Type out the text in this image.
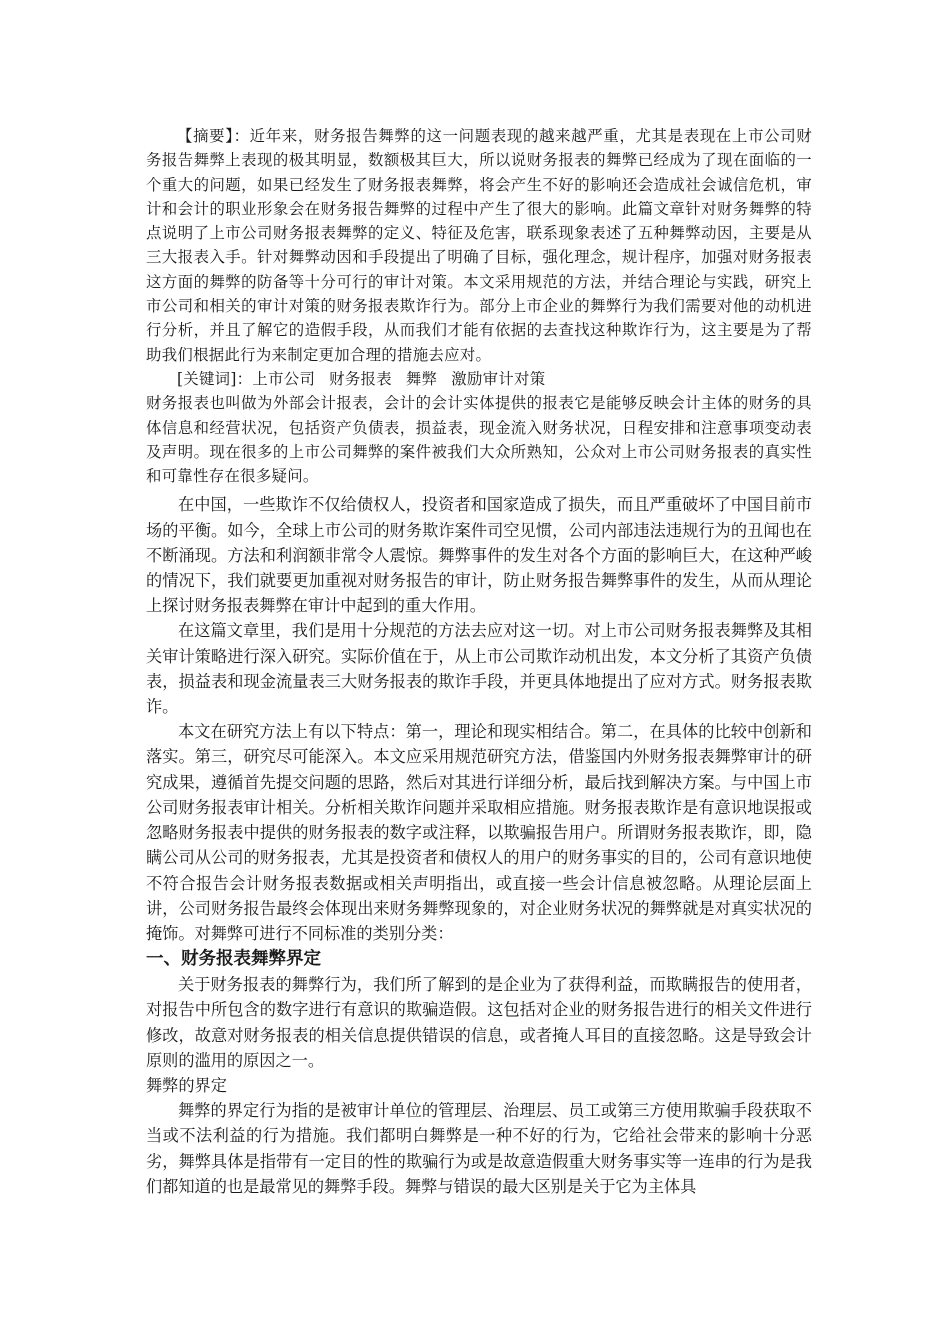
【摘要】：近年来，财务报告舞弊的这一问题表现的越来越严重，尤其是表现在上市公司财务报告舞弊上表现的极其明显，数额极其巨大，所以说财务报表的舞弊已经成为了现在面临的一个重大的问题，如果已经发生了财务报表舞弊，将会产生不好的影响还会造成社会诚信危机，审计和会计的职业形象会在财务报告舞弊的过程中产生了很大的影响。此篇文章针对财务舞弊的特点说明了上市公司财务报表舞弊的定义、特征及危害，联系现象表述了五种舞弊动因，主要是从三大报表入手。针对舞弊动因和手段提出了明确了目标，强化理念，规计程序，加强对财务报表这方面的舞弊的防备等十分可行的审计对策。本文采用规范的方法，并结合理论与实践，研究上市公司和相关的审计对策的财务报表欺诈行为。部分上市企业的舞弊行为我们需要对他的动机进行分析，并且了解它的造假手段，从而我们才能有依据的去查找这种欺诈行为，这主要是为了帮助我们根据此行为来制定更加合理的措施去应对。

[关键词]：上市公司 财务报表 舞弊 激励审计对策

财务报表也叫做为外部会计报表，会计的会计实体提供的报表它是能够反映会计主体的财务的具体信息和经营状况，包括资产负债表，损益表，现金流入财务状况，日程安排和注意事项变动表及声明。现在很多的上市公司舞弊的案件被我们大众所熟知，公众对上市公司财务报表的真实性和可靠性存在很多疑问。

在中国，一些欺诈不仅给债权人，投资者和国家造成了损失，而且严重破坏了中国目前市场的平衡。如今，全球上市公司的财务欺诈案件司空见惯，公司内部违法违规行为的丑闻也在不断涌现。方法和利润额非常令人震惊。舞弊事件的发生对各个方面的影响巨大，在这种严峻的情况下，我们就要更加重视对财务报告的审计，防止财务报告舞弊事件的发生，从而从理论上探讨财务报表舞弊在审计中起到的重大作用。

在这篇文章里，我们是用十分规范的方法去应对这一切。对上市公司财务报表舞弊及其相关审计策略进行深入研究。实际价值在于，从上市公司欺诈动机出发，本文分析了其资产负债表，损益表和现金流量表三大财务报表的欺诈手段，并更具体地提出了应对方式。财务报表欺诈。

本文在研究方法上有以下特点：第一，理论和现实相结合。第二，在具体的比较中创新和落实。第三，研究尽可能深入。本文应采用规范研究方法，借鉴国内外财务报表舞弊审计的研究成果，遵循首先提交问题的思路，然后对其进行详细分析，最后找到解决方案。与中国上市公司财务报表审计相关。分析相关欺诈问题并采取相应措施。财务报表欺诈是有意识地误报或忽略财务报表中提供的财务报表的数字或注释，以欺骗报告用户。所谓财务报表欺诈，即，隐瞒公司从公司的财务报表，尤其是投资者和债权人的用户的财务事实的目的，公司有意识地使不符合报告会计财务报表数据或相关声明指出，或直接一些会计信息被忽略。从理论层面上讲，公司财务报告最终会体现出来财务舞弊现象的，对企业财务状况的舞弊就是对真实状况的掩饰。对舞弊可进行不同标准的类别分类：

一、财务报表舞弊界定

关于财务报表的舞弊行为，我们所了解到的是企业为了获得利益，而欺瞒报告的使用者，对报告中所包含的数字进行有意识的欺骗造假。这包括对企业的财务报告进行的相关文件进行修改，故意对财务报表的相关信息提供错误的信息，或者掩人耳目的直接忽略。这是导致会计原则的滥用的原因之一。

舞弊的界定

舞弊的界定行为指的是被审计单位的管理层、治理层、员工或第三方使用欺骗手段获取不当或不法利益的行为措施。我们都明白舞弊是一种不好的行为，它给社会带来的影响十分恶劣，舞弊具体是指带有一定目的性的欺骗行为或是故意造假重大财务事实等一连串的行为是我们都知道的也是最常见的舞弊手段。舞弊与错误的最大区别是关于它为主体具
